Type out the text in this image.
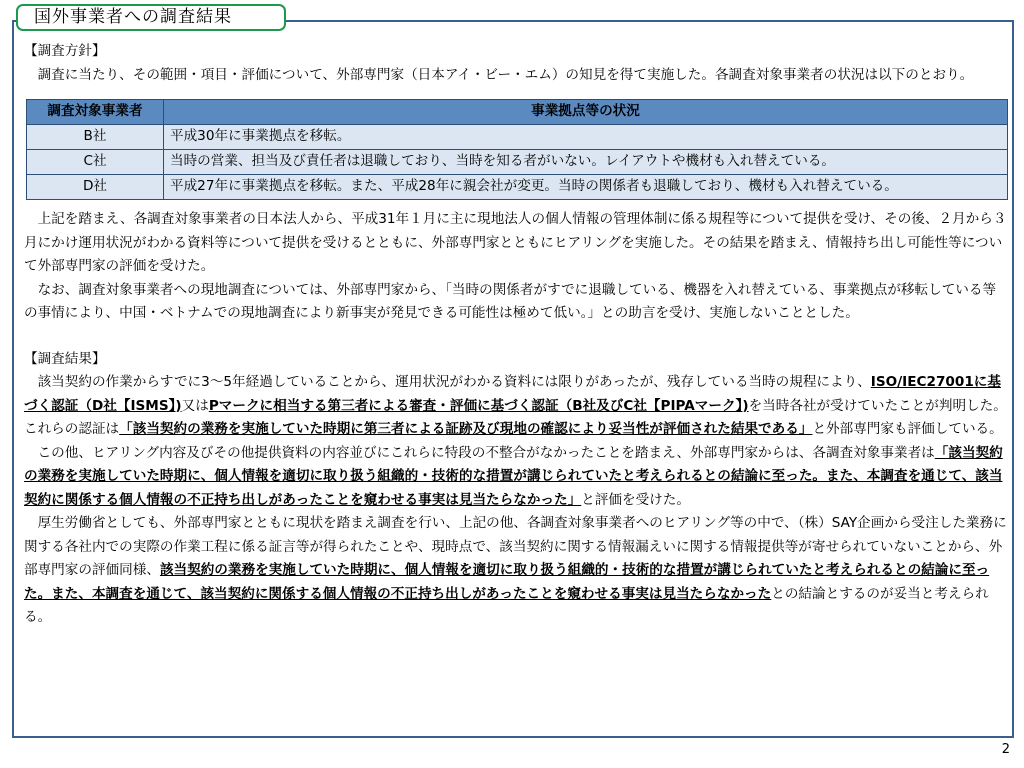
国外事業者への調査結果

【調査方針】

調査に当たり、その範囲・項目・評価について、外部専門家（日本アイ・ビー・エム）の知見を得て実施した。各調査対象事業者の状況は以下のとおり。

調査対象事業者	事業拠点等の状況
B社	平成30年に事業拠点を移転。
C社	当時の営業、担当及び責任者は退職しており、当時を知る者がいない。レイアウトや機材も入れ替えている。
D社	平成27年に事業拠点を移転。また、平成28年に親会社が変更。当時の関係者も退職しており、機材も入れ替えている。

上記を踏まえ、各調査対象事業者の日本法人から、平成31年１月に主に現地法人の個人情報の管理体制に係る規程等について提供を受け、その後、２月から３月にかけ運用状況がわかる資料等について提供を受けるとともに、外部専門家とともにヒアリングを実施した。その結果を踏まえ、情報持ち出し可能性等について外部専門家の評価を受けた。

なお、調査対象事業者への現地調査については、外部専門家から、「当時の関係者がすでに退職している、機器を入れ替えている、事業拠点が移転している等の事情により、中国・ベトナムでの現地調査により新事実が発見できる可能性は極めて低い。」との助言を受け、実施しないこととした。

【調査結果】

該当契約の作業からすでに3～5年経過していることから、運用状況がわかる資料には限りがあったが、残存している当時の規程により、ISO/IEC27001に基づく認証（D社【ISMS】)又はPマークに相当する第三者による審査・評価に基づく認証（B社及びC社【PIPAマーク】)を当時各社が受けていたことが判明した。これらの認証は「該当契約の業務を実施していた時期に第三者による証跡及び現地の確認により妥当性が評価された結果である」と外部専門家も評価している。

この他、ヒアリング内容及びその他提供資料の内容並びにこれらに特段の不整合がなかったことを踏まえ、外部専門家からは、各調査対象事業者は「該当契約の業務を実施していた時期に、個人情報を適切に取り扱う組織的・技術的な措置が講じられていたと考えられるとの結論に至った。また、本調査を通じて、該当契約に関係する個人情報の不正持ち出しがあったことを窺わせる事実は見当たらなかった」と評価を受けた。

厚生労働省としても、外部専門家とともに現状を踏まえ調査を行い、上記の他、各調査対象事業者へのヒアリング等の中で、（株）SAY企画から受注した業務に関する各社内での実際の作業工程に係る証言等が得られたことや、現時点で、該当契約に関する情報漏えいに関する情報提供等が寄せられていないことから、外部専門家の評価同様、該当契約の業務を実施していた時期に、個人情報を適切に取り扱う組織的・技術的な措置が講じられていたと考えられるとの結論に至った。また、本調査を通じて、該当契約に関係する個人情報の不正持ち出しがあったことを窺わせる事実は見当たらなかったとの結論とするのが妥当と考えられる。

2
